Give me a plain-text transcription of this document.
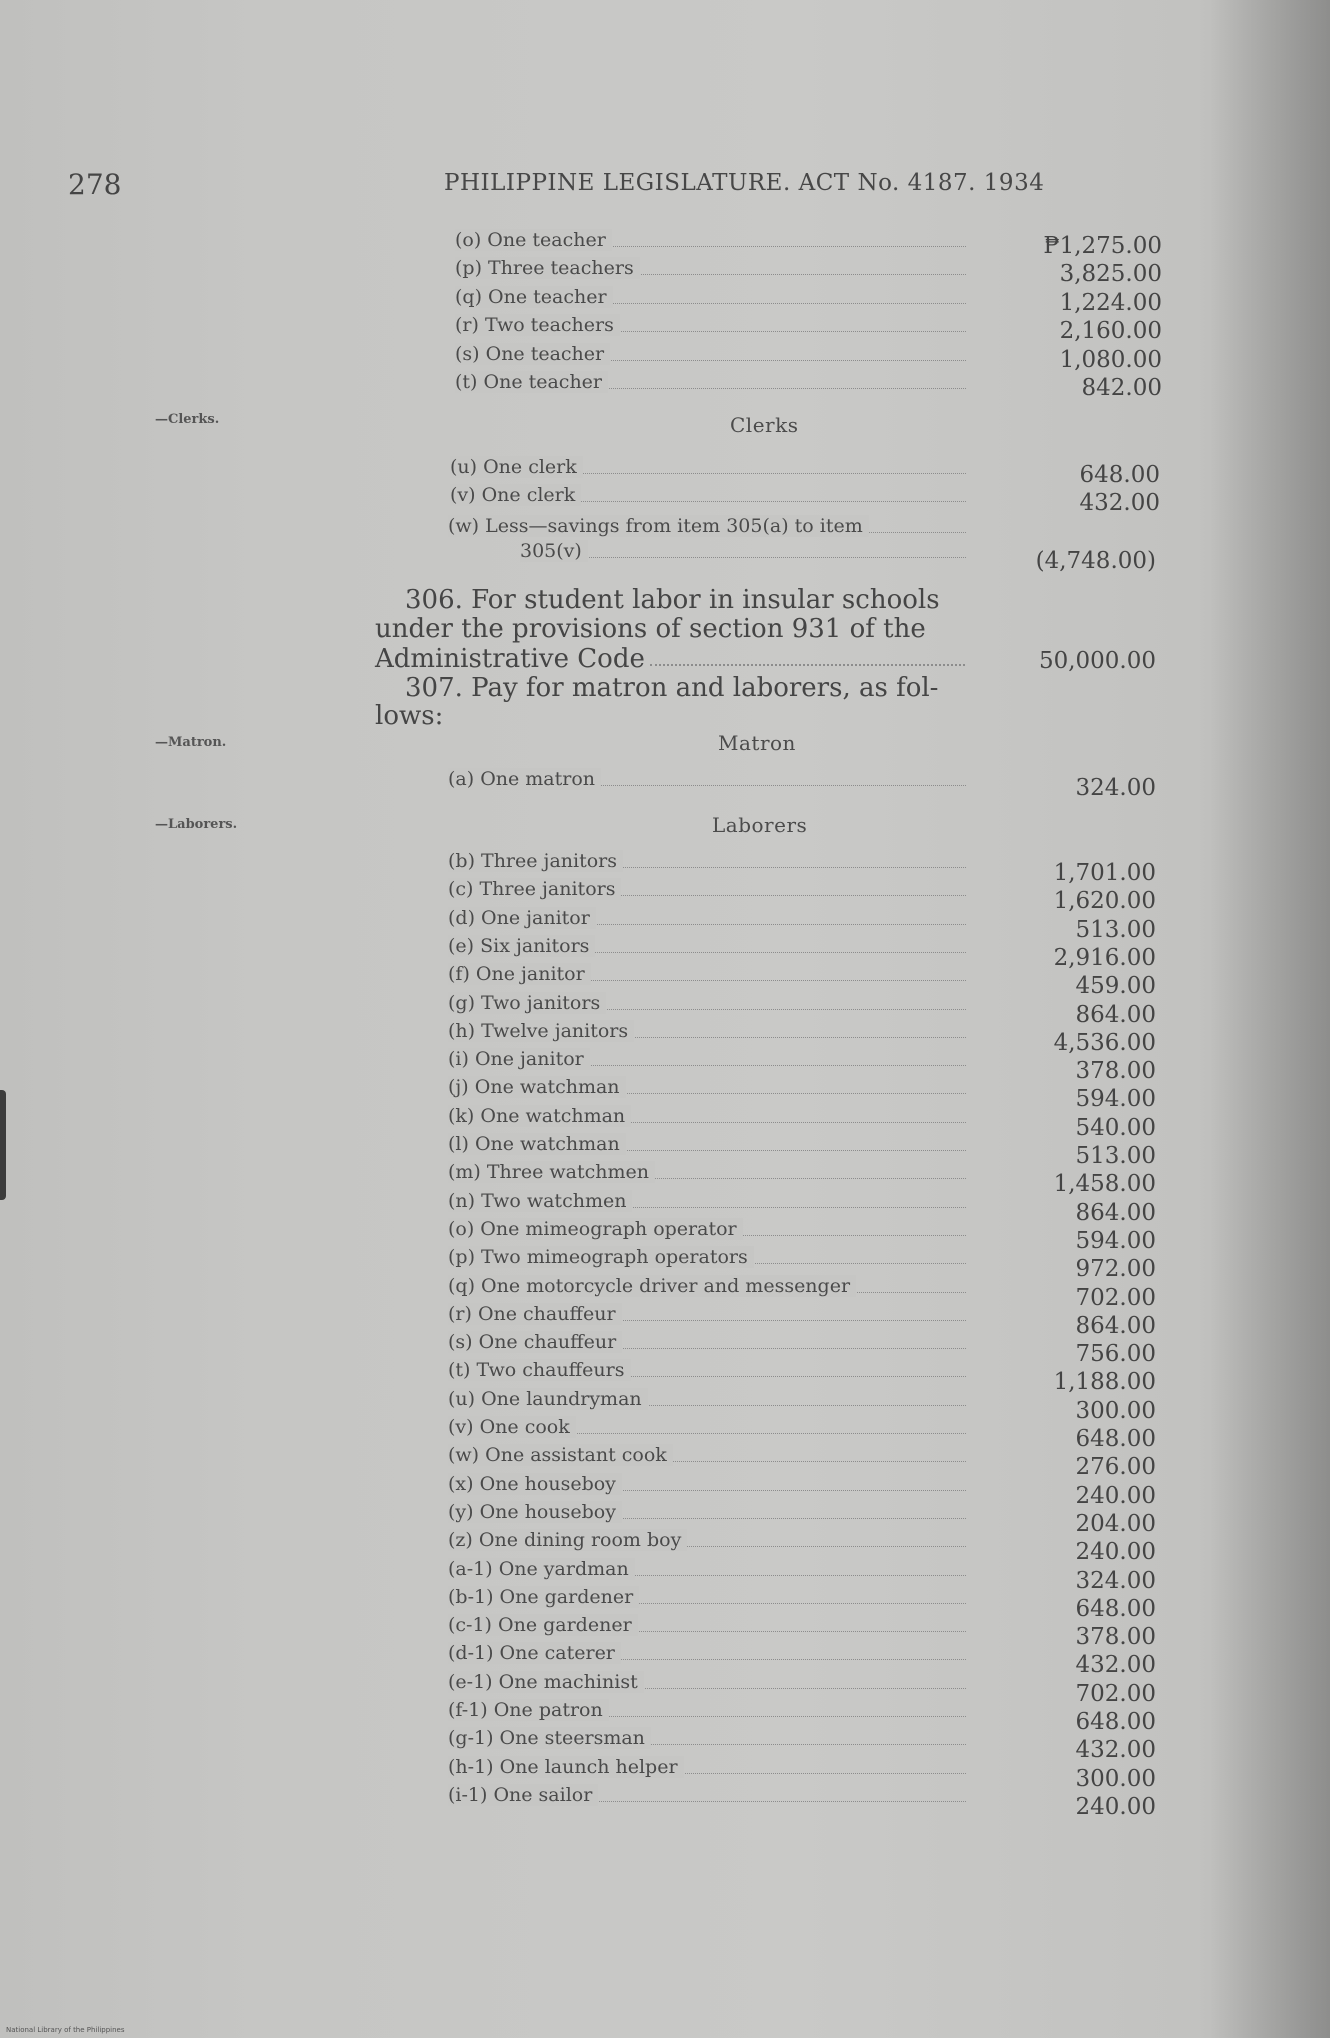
278	PHILIPPINE LEGISLATURE. ACT No. 4187. 1934
(o) One teacher	₱1,275.00
(p) Three teachers	3,825.00
(q) One teacher	1,224.00
(r) Two teachers	2,160.00
(s) One teacher	1,080.00
(t) One teacher	842.00
—Clerks.	Clerks
(u) One clerk	648.00
(v) One clerk	432.00
(w) Less—savings from item 305(a) to item
305(v)	(4,748.00)
306. For student labor in insular schools
under the provisions of section 931 of the
Administrative Code	50,000.00
307. Pay for matron and laborers, as fol-
lows:
—Matron.	Matron
(a) One matron	324.00
—Laborers.	Laborers
(b) Three janitors	1,701.00
(c) Three janitors	1,620.00
(d) One janitor	513.00
(e) Six janitors	2,916.00
(f) One janitor	459.00
(g) Two janitors	864.00
(h) Twelve janitors	4,536.00
(i) One janitor	378.00
(j) One watchman	594.00
(k) One watchman	540.00
(l) One watchman	513.00
(m) Three watchmen	1,458.00
(n) Two watchmen	864.00
(o) One mimeograph operator	594.00
(p) Two mimeograph operators	972.00
(q) One motorcycle driver and messenger	702.00
(r) One chauffeur	864.00
(s) One chauffeur	756.00
(t) Two chauffeurs	1,188.00
(u) One laundryman	300.00
(v) One cook	648.00
(w) One assistant cook	276.00
(x) One houseboy	240.00
(y) One houseboy	204.00
(z) One dining room boy	240.00
(a-1) One yardman	324.00
(b-1) One gardener	648.00
(c-1) One gardener	378.00
(d-1) One caterer	432.00
(e-1) One machinist	702.00
(f-1) One patron	648.00
(g-1) One steersman	432.00
(h-1) One launch helper	300.00
(i-1) One sailor	240.00
National Library of the Philippines
